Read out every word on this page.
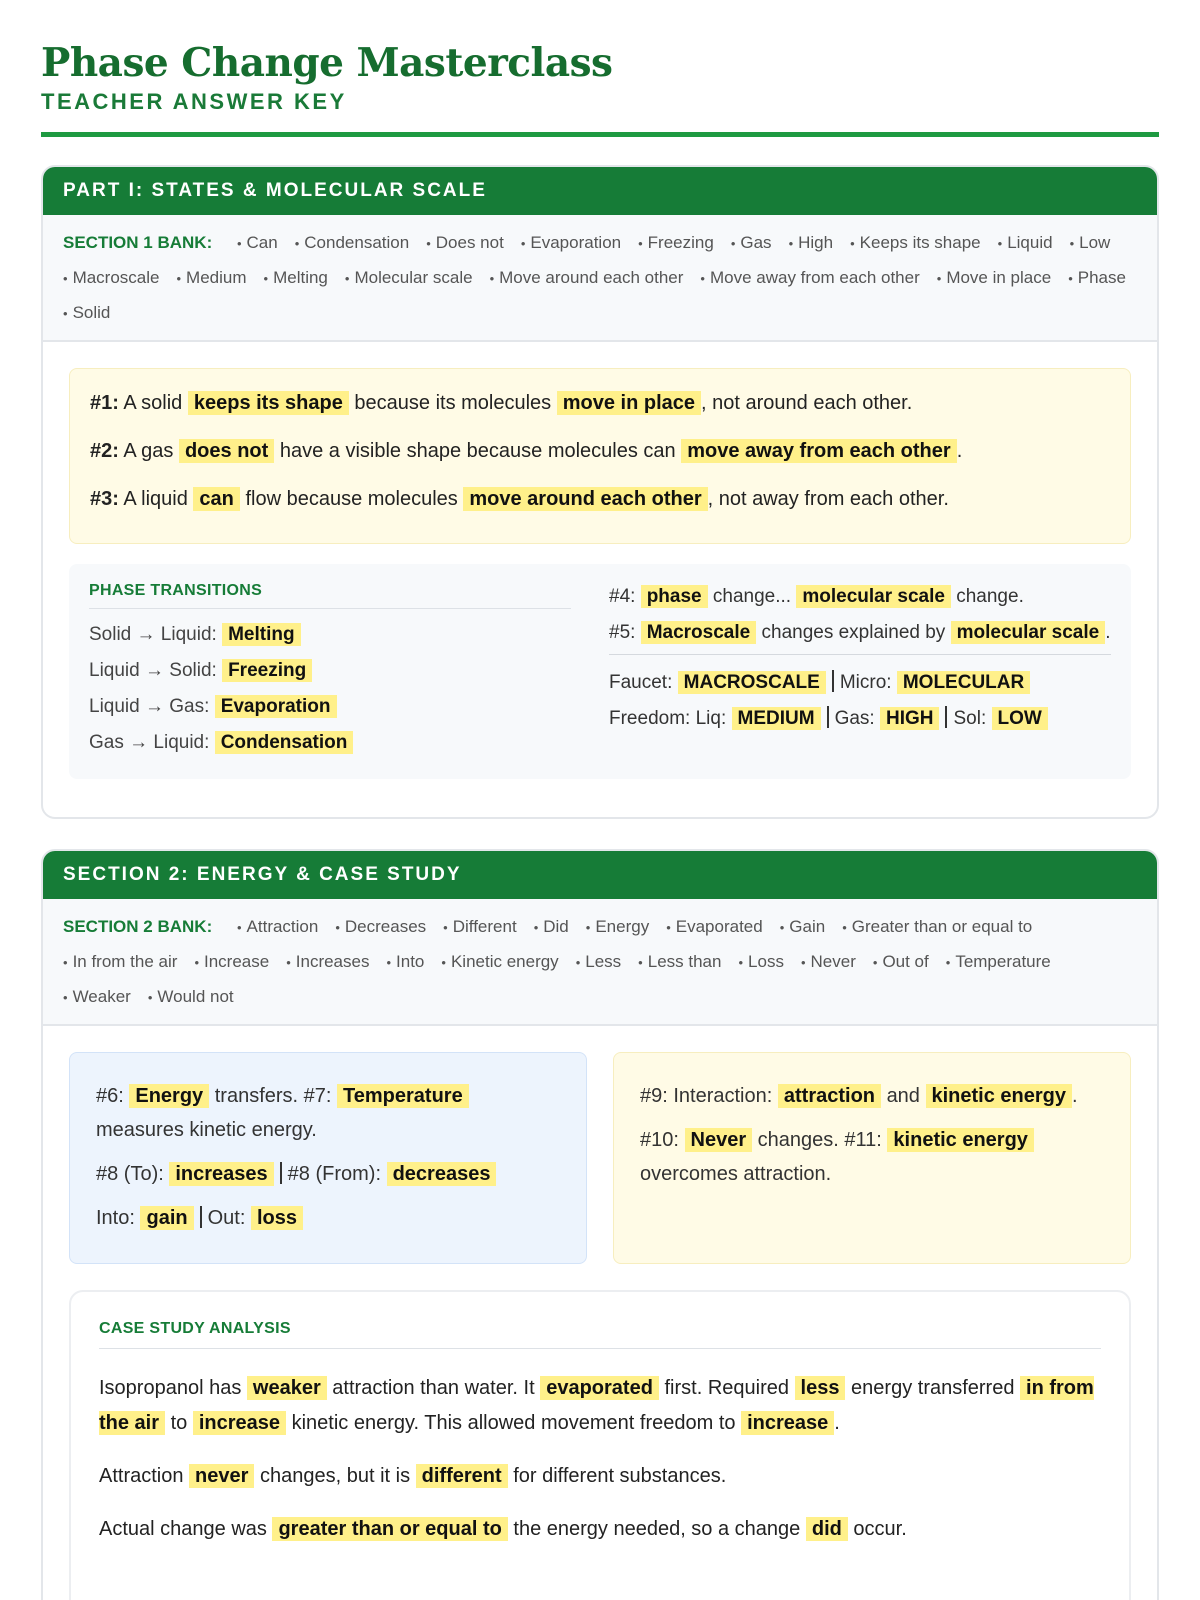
Phase Change Masterclass
TEACHER ANSWER KEY
PART I: STATES & MOLECULAR SCALE
SECTION 1 BANK: • Can • Condensation • Does not • Evaporation • Freezing • Gas • High • Keeps its shape • Liquid • Low• Macroscale • Medium • Melting • Molecular scale • Move around each other • Move away from each other • Move in place • Phase• Solid
#1: A solid keeps its shape because its molecules move in place , not around each other.
#2: A gas does not have a visible shape because molecules can move away from each other .
#3: A liquid can flow because molecules move around each other , not away from each other.
PHASE TRANSITIONS
Solid → Liquid: Melting
Liquid → Solid: Freezing
Liquid → Gas: Evaporation
Gas → Liquid: Condensation
#4: phase change... molecular scale change.
#5: Macroscale changes explained by molecular scale .
Faucet: MACROSCALE Micro: MOLECULAR
Freedom: Liq: MEDIUM Gas: HIGH Sol: LOW
SECTION 2: ENERGY & CASE STUDY
SECTION 2 BANK: • Attraction • Decreases • Different • Did • Energy • Evaporated • Gain • Greater than or equal to• In from the air • Increase • Increases • Into • Kinetic energy • Less • Less than • Loss • Never • Out of • Temperature• Weaker • Would not
#6: Energy transfers. #7: Temperature measures kinetic energy.
#8 (To): increases #8 (From): decreases
Into: gain Out: loss
#9: Interaction: attraction and kinetic energy .
#10: Never changes. #11: kinetic energy overcomes attraction.
CASE STUDY ANALYSIS
Isopropanol has weaker attraction than water. It evaporated first. Required less energy transferred in from the air to increase kinetic energy. This allowed movement freedom to increase .
Attraction never changes, but it is different for different substances.
Actual change was greater than or equal to the energy needed, so a change did occur.
